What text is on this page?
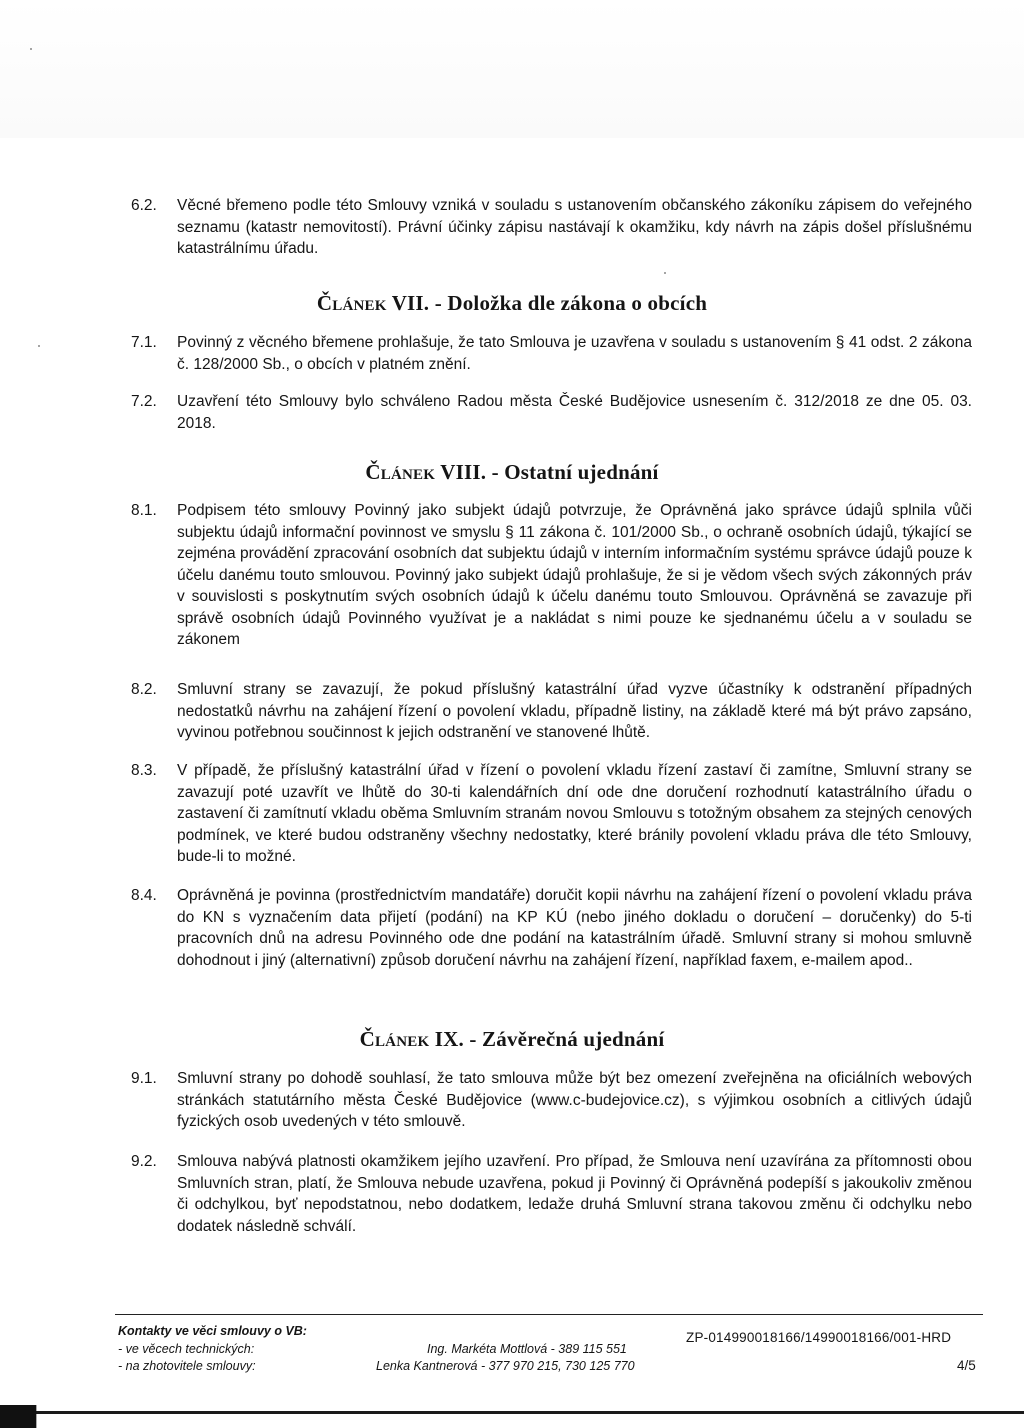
6.2. Věcné břemeno podle této Smlouvy vzniká v souladu s ustanovením občanského zákoníku zápisem do veřejného seznamu (katastr nemovitostí). Právní účinky zápisu nastávají k okamžiku, kdy návrh na zápis došel příslušnému katastrálnímu úřadu.
Článek VII. - Doložka dle zákona o obcích
7.1. Povinný z věcného břemene prohlašuje, že tato Smlouva je uzavřena v souladu s ustanovením § 41 odst. 2 zákona č. 128/2000 Sb., o obcích v platném znění.
7.2. Uzavření této Smlouvy bylo schváleno Radou města České Budějovice usnesením č. 312/2018 ze dne 05. 03. 2018.
Článek VIII. - Ostatní ujednání
8.1. Podpisem této smlouvy Povinný jako subjekt údajů potvrzuje, že Oprávněná jako správce údajů splnila vůči subjektu údajů informační povinnost ve smyslu § 11 zákona č. 101/2000 Sb., o ochraně osobních údajů, týkající se zejména provádění zpracování osobních dat subjektu údajů v interním informačním systému správce údajů pouze k účelu danému touto smlouvou. Povinný jako subjekt údajů prohlašuje, že si je vědom všech svých zákonných práv v souvislosti s poskytnutím svých osobních údajů k účelu danému touto Smlouvou. Oprávněná se zavazuje při správě osobních údajů Povinného využívat je a nakládat s nimi pouze ke sjednanému účelu a v souladu se zákonem
8.2. Smluvní strany se zavazují, že pokud příslušný katastrální úřad vyzve účastníky k odstranění případných nedostatků návrhu na zahájení řízení o povolení vkladu, případně listiny, na základě které má být právo zapsáno, vyvinou potřebnou součinnost k jejich odstranění ve stanovené lhůtě.
8.3. V případě, že příslušný katastrální úřad v řízení o povolení vkladu řízení zastaví či zamítne, Smluvní strany se zavazují poté uzavřít ve lhůtě do 30-ti kalendářních dní ode dne doručení rozhodnutí katastrálního úřadu o zastavení či zamítnutí vkladu oběma Smluvním stranám novou Smlouvu s totožným obsahem za stejných cenových podmínek, ve které budou odstraněny všechny nedostatky, které bránily povolení vkladu práva dle této Smlouvy, bude-li to možné.
8.4. Oprávněná je povinna (prostřednictvím mandatáře) doručit kopii návrhu na zahájení řízení o povolení vkladu práva do KN s vyznačením data přijetí (podání) na KP KÚ (nebo jiného dokladu o doručení – doručenky) do 5-ti pracovních dnů na adresu Povinného ode dne podání na katastrálním úřadě. Smluvní strany si mohou smluvně dohodnout i jiný (alternativní) způsob doručení návrhu na zahájení řízení, například faxem, e-mailem apod..
Článek IX. - Závěrečná ujednání
9.1. Smluvní strany po dohodě souhlasí, že tato smlouva může být bez omezení zveřejněna na oficiálních webových stránkách statutárního města České Budějovice (www.c-budejovice.cz), s výjimkou osobních a citlivých údajů fyzických osob uvedených v této smlouvě.
9.2. Smlouva nabývá platnosti okamžikem jejího uzavření. Pro případ, že Smlouva není uzavírána za přítomnosti obou Smluvních stran, platí, že Smlouva nebude uzavřena, pokud ji Povinný či Oprávněná podepíší s jakoukoliv změnou či odchylkou, byť nepodstatnou, nebo dodatkem, ledaže druhá Smluvní strana takovou změnu či odchylku nebo dodatek následně schválí.
Kontakty ve věci smlouvy o VB:
- ve věcech technických:	Ing. Markéta Mottlová - 389 115 551
- na zhotovitele smlouvy:	Lenka Kantnerová - 377 970 215, 730 125 770
ZP-014990018166/14990018166/001-HRD
4/5
